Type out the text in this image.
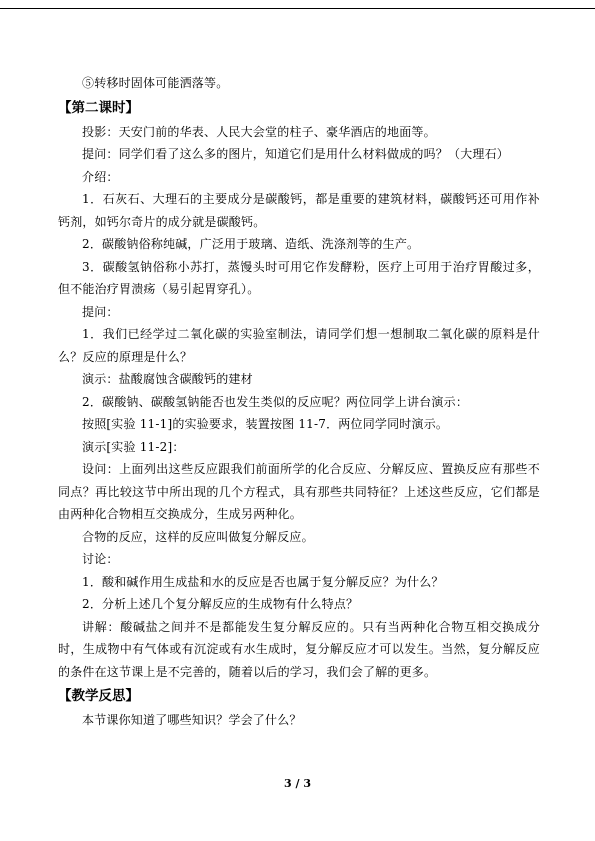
⑤转移时固体可能洒落等。

【第二课时】

投影：天安门前的华表、人民大会堂的柱子、豪华酒店的地面等。

提问：同学们看了这么多的图片，知道它们是用什么材料做成的吗？（大理石）

介绍：

1．石灰石、大理石的主要成分是碳酸钙，都是重要的建筑材料，碳酸钙还可用作补钙剂，如钙尔奇片的成分就是碳酸钙。

2．碳酸钠俗称纯碱，广泛用于玻璃、造纸、洗涤剂等的生产。

3．碳酸氢钠俗称小苏打，蒸馒头时可用它作发酵粉，医疗上可用于治疗胃酸过多，但不能治疗胃溃疡（易引起胃穿孔）。

提问：

1．我们已经学过二氧化碳的实验室制法，请同学们想一想制取二氧化碳的原料是什么？反应的原理是什么？

演示：盐酸腐蚀含碳酸钙的建材

2．碳酸钠、碳酸氢钠能否也发生类似的反应呢？两位同学上讲台演示：

按照[实验 11-1]的实验要求，装置按图 11-7．两位同学同时演示。

演示[实验 11-2]：

设问：上面列出这些反应跟我们前面所学的化合反应、分解反应、置换反应有那些不同点？再比较这节中所出现的几个方程式，具有那些共同特征？上述这些反应，它们都是由两种化合物相互交换成分，生成另两种化。

合物的反应，这样的反应叫做复分解反应。

讨论：

1．酸和碱作用生成盐和水的反应是否也属于复分解反应？为什么？

2．分析上述几个复分解反应的生成物有什么特点？

讲解：酸碱盐之间并不是都能发生复分解反应的。只有当两种化合物互相交换成分时，生成物中有气体或有沉淀或有水生成时，复分解反应才可以发生。当然，复分解反应的条件在这节课上是不完善的，随着以后的学习，我们会了解的更多。

【教学反思】

本节课你知道了哪些知识？学会了什么？

3 / 3
